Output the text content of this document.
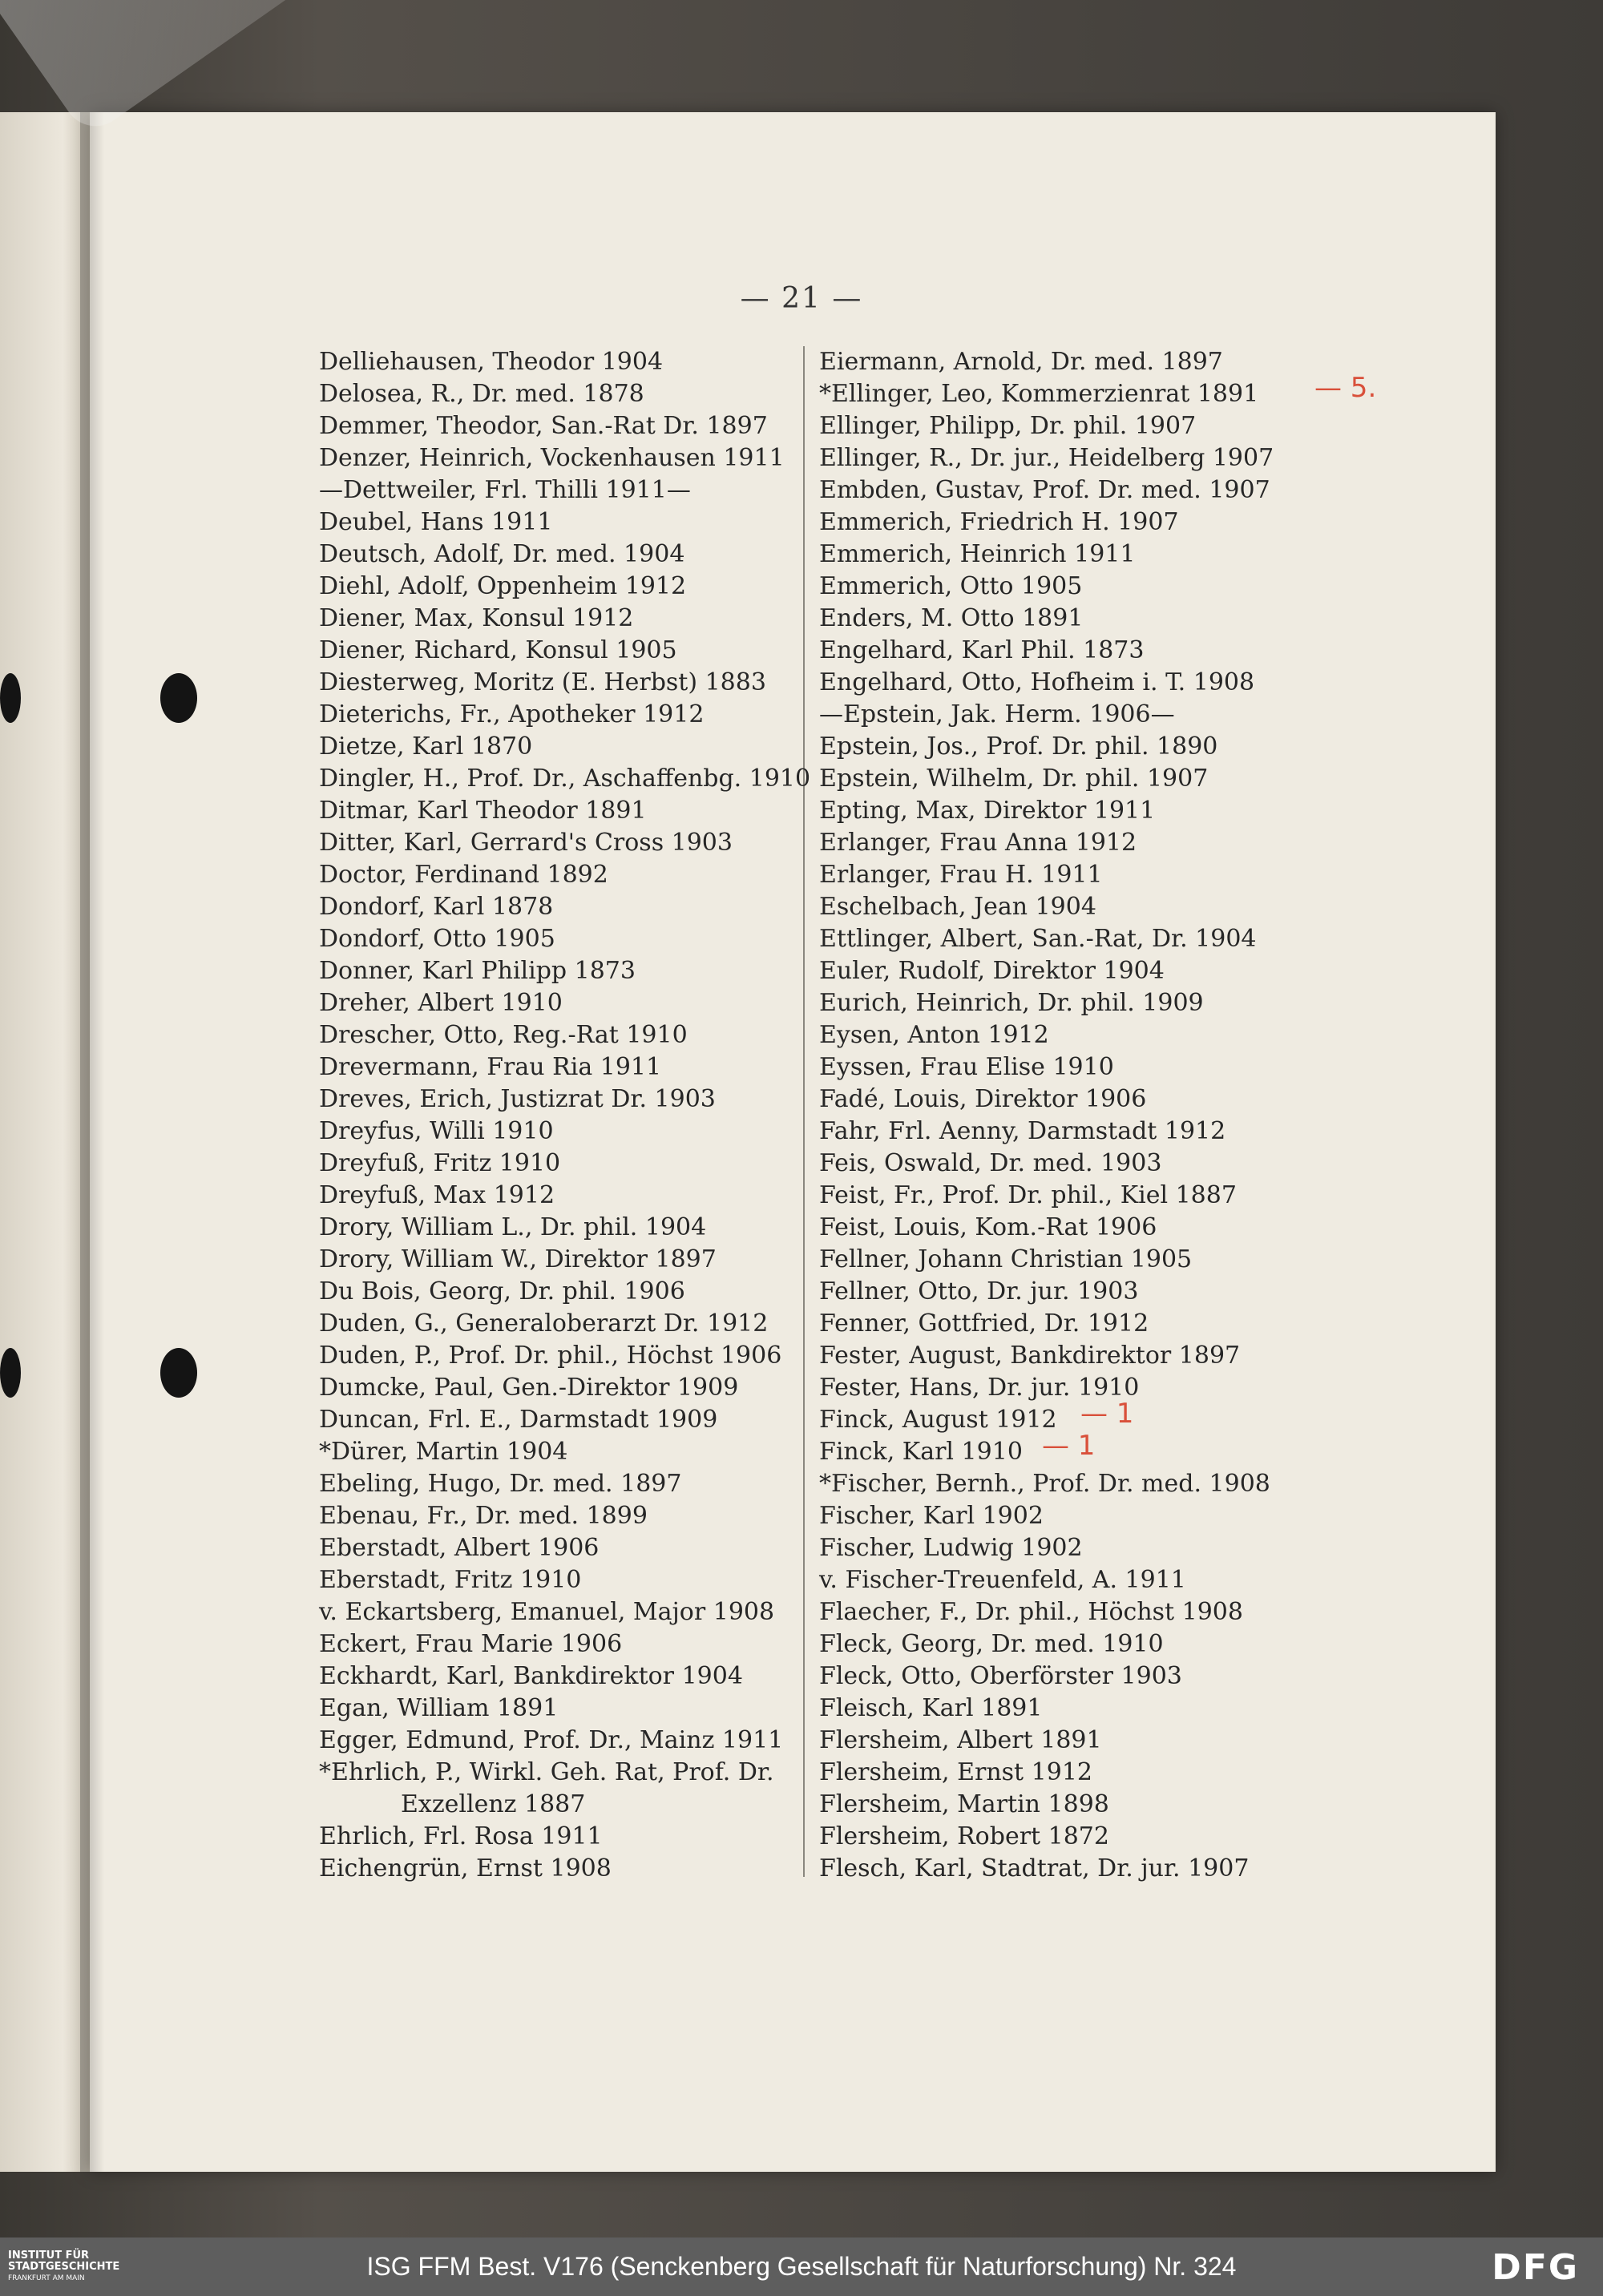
— 21 —
Delliehausen, Theodor 1904
Delosea, R., Dr. med. 1878
Demmer, Theodor, San.-Rat Dr. 1897
Denzer, Heinrich, Vockenhausen 1911
—Dettweiler, Frl. Thilli 1911—
Deubel, Hans 1911
Deutsch, Adolf, Dr. med. 1904
Diehl, Adolf, Oppenheim 1912
Diener, Max, Konsul 1912
Diener, Richard, Konsul 1905
Diesterweg, Moritz (E. Herbst) 1883
Dieterichs, Fr., Apotheker 1912
Dietze, Karl 1870
Dingler, H., Prof. Dr., Aschaffenbg. 1910
Ditmar, Karl Theodor 1891
Ditter, Karl, Gerrard's Cross 1903
Doctor, Ferdinand 1892
Dondorf, Karl 1878
Dondorf, Otto 1905
Donner, Karl Philipp 1873
Dreher, Albert 1910
Drescher, Otto, Reg.-Rat 1910
Drevermann, Frau Ria 1911
Dreves, Erich, Justizrat Dr. 1903
Dreyfus, Willi 1910
Dreyfuß, Fritz 1910
Dreyfuß, Max 1912
Drory, William L., Dr. phil. 1904
Drory, William W., Direktor 1897
Du Bois, Georg, Dr. phil. 1906
Duden, G., Generaloberarzt Dr. 1912
Duden, P., Prof. Dr. phil., Höchst 1906
Dumcke, Paul, Gen.-Direktor 1909
Duncan, Frl. E., Darmstadt 1909
*Dürer, Martin 1904
Ebeling, Hugo, Dr. med. 1897
Ebenau, Fr., Dr. med. 1899
Eberstadt, Albert 1906
Eberstadt, Fritz 1910
v. Eckartsberg, Emanuel, Major 1908
Eckert, Frau Marie 1906
Eckhardt, Karl, Bankdirektor 1904
Egan, William 1891
Egger, Edmund, Prof. Dr., Mainz 1911
*Ehrlich, P., Wirkl. Geh. Rat, Prof. Dr.
Exzellenz 1887
Ehrlich, Frl. Rosa 1911
Eichengrün, Ernst 1908
Eiermann, Arnold, Dr. med. 1897
*Ellinger, Leo, Kommerzienrat 1891
Ellinger, Philipp, Dr. phil. 1907
Ellinger, R., Dr. jur., Heidelberg 1907
Embden, Gustav, Prof. Dr. med. 1907
Emmerich, Friedrich H. 1907
Emmerich, Heinrich 1911
Emmerich, Otto 1905
Enders, M. Otto 1891
Engelhard, Karl Phil. 1873
Engelhard, Otto, Hofheim i. T. 1908
—Epstein, Jak. Herm. 1906—
Epstein, Jos., Prof. Dr. phil. 1890
Epstein, Wilhelm, Dr. phil. 1907
Epting, Max, Direktor 1911
Erlanger, Frau Anna 1912
Erlanger, Frau H. 1911
Eschelbach, Jean 1904
Ettlinger, Albert, San.-Rat, Dr. 1904
Euler, Rudolf, Direktor 1904
Eurich, Heinrich, Dr. phil. 1909
Eysen, Anton 1912
Eyssen, Frau Elise 1910
Fadé, Louis, Direktor 1906
Fahr, Frl. Aenny, Darmstadt 1912
Feis, Oswald, Dr. med. 1903
Feist, Fr., Prof. Dr. phil., Kiel 1887
Feist, Louis, Kom.-Rat 1906
Fellner, Johann Christian 1905
Fellner, Otto, Dr. jur. 1903
Fenner, Gottfried, Dr. 1912
Fester, August, Bankdirektor 1897
Fester, Hans, Dr. jur. 1910
Finck, August 1912
Finck, Karl 1910
*Fischer, Bernh., Prof. Dr. med. 1908
Fischer, Karl 1902
Fischer, Ludwig 1902
v. Fischer-Treuenfeld, A. 1911
Flaecher, F., Dr. phil., Höchst 1908
Fleck, Georg, Dr. med. 1910
Fleck, Otto, Oberförster 1903
Fleisch, Karl 1891
Flersheim, Albert 1891
Flersheim, Ernst 1912
Flersheim, Martin 1898
Flersheim, Robert 1872
Flesch, Karl, Stadtrat, Dr. jur. 1907
— 5.
— 1
— 1
INSTITUT FÜR
STADTGESCHICHTE
FRANKFURT AM MAIN	ISG FFM Best. V176 (Senckenberg Gesellschaft für Naturforschung) Nr. 324	DFG
